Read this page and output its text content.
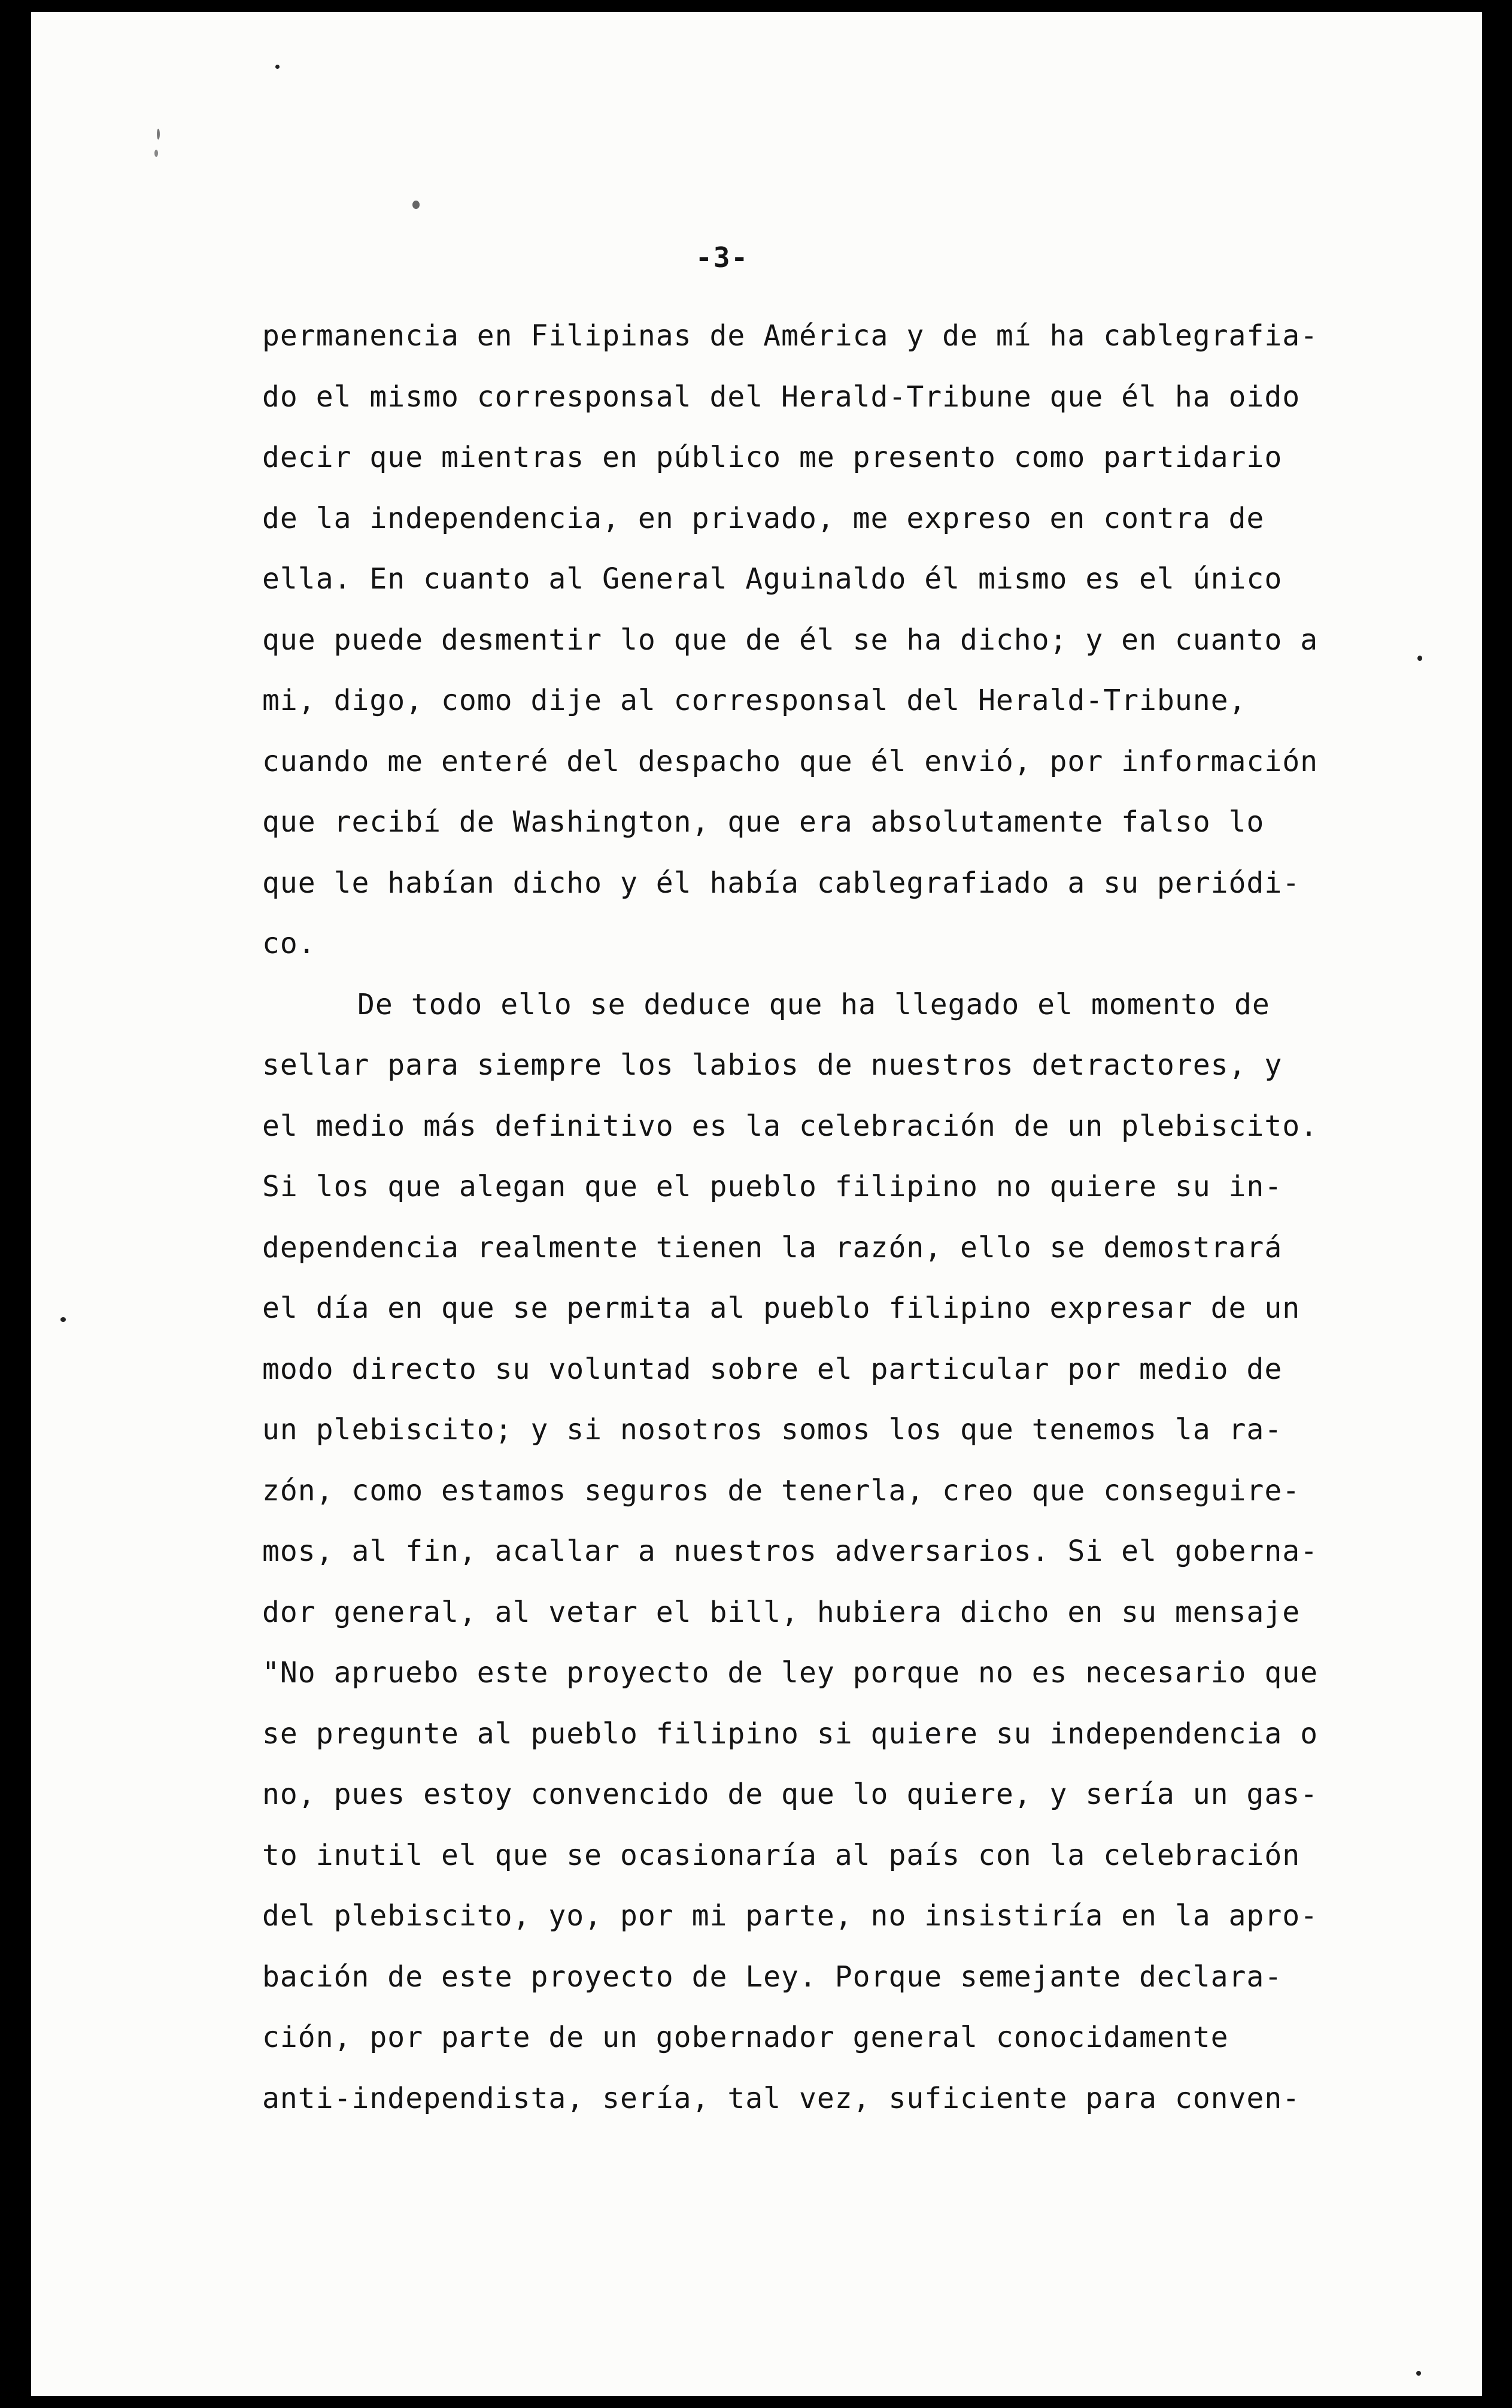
-3-
permanencia en Filipinas de América y de mí ha cablegrafia-
do el mismo corresponsal del Herald-Tribune que él ha oido
decir que mientras en público me presento como partidario
de la independencia, en privado, me expreso en contra de
ella. En cuanto al General Aguinaldo él mismo es el único
que puede desmentir lo que de él se ha dicho; y en cuanto a
mi, digo, como dije al corresponsal del Herald-Tribune,
cuando me enteré del despacho que él envió, por información
que recibí de Washington, que era absolutamente falso lo
que le habían dicho y él había cablegrafiado a su periódi-
co.
De todo ello se deduce que ha llegado el momento de
sellar para siempre los labios de nuestros detractores, y
el medio más definitivo es la celebración de un plebiscito.
Si los que alegan que el pueblo filipino no quiere su in-
dependencia realmente tienen la razón, ello se demostrará
el día en que se permita al pueblo filipino expresar de un
modo directo su voluntad sobre el particular por medio de
un plebiscito; y si nosotros somos los que tenemos la ra-
zón, como estamos seguros de tenerla, creo que conseguire-
mos, al fin, acallar a nuestros adversarios. Si el goberna-
dor general, al vetar el bill, hubiera dicho en su mensaje
"No apruebo este proyecto de ley porque no es necesario que
se pregunte al pueblo filipino si quiere su independencia o
no, pues estoy convencido de que lo quiere, y sería un gas-
to inutil el que se ocasionaría al país con la celebración
del plebiscito, yo, por mi parte, no insistiría en la apro-
bación de este proyecto de Ley. Porque semejante declara-
ción, por parte de un gobernador general conocidamente
anti-independista, sería, tal vez, suficiente para conven-
